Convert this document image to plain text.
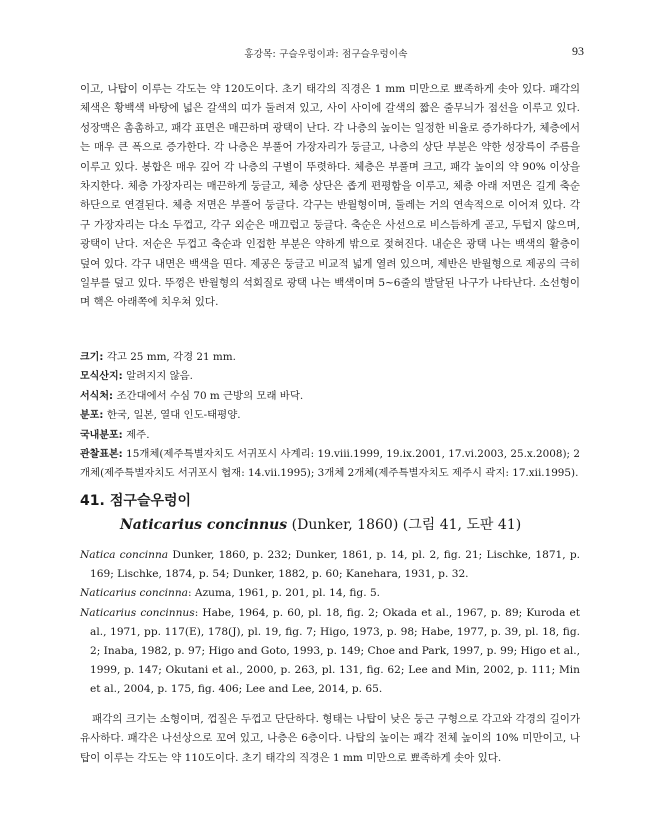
홍강목: 구슬우렁이과: 점구슬우렁이속	93

이고, 나탑이 이루는 각도는 약 120도이다. 초기 태각의 직경은 1 mm 미만으로 뾰족하게 솟아 있다. 패각의 체색은 황백색 바탕에 넓은 갈색의 띠가 둘려져 있고, 사이 사이에 갈색의 짧은 줄무늬가 점선을 이루고 있다. 성장맥은 촘촘하고, 패각 표면은 매끈하며 광택이 난다. 각 나층의 높이는 일정한 비율로 증가하다가, 체층에서는 매우 큰 폭으로 증가한다. 각 나층은 부풀어 가장자리가 둥글고, 나층의 상단 부분은 약한 성장륵이 주름을 이루고 있다. 봉합은 매우 깊어 각 나층의 구별이 뚜렷하다. 체층은 부풀며 크고, 패각 높이의 약 90% 이상을 차지한다. 체층 가장자리는 매끈하게 둥글고, 체층 상단은 좁게 편평함을 이루고, 체층 아래 저면은 길게 축순 하단으로 연결된다. 체층 저면은 부풀어 둥글다. 각구는 반월형이며, 둘레는 거의 연속적으로 이어져 있다. 각구 가장자리는 다소 두껍고, 각구 외순은 매끄럽고 둥글다. 축순은 사선으로 비스듬하게 곧고, 두텁지 않으며, 광택이 난다. 저순은 두껍고 축순과 인접한 부분은 약하게 밖으로 젖혀진다. 내순은 광택 나는 백색의 활층이 덮여 있다. 각구 내면은 백색을 띤다. 제공은 둥글고 비교적 넓게 열려 있으며, 제반은 반월형으로 제공의 극히 일부를 덮고 있다. 뚜껑은 반월형의 석회질로 광택 나는 백색이며 5~6줄의 발달된 나구가 나타난다. 소선형이며 핵은 아래쪽에 치우쳐 있다.

크기: 각고 25 mm, 각경 21 mm.

모식산지: 알려지지 않음.

서식처: 조간대에서 수심 70 m 근방의 모래 바닥.

분포: 한국, 일본, 열대 인도-태평양.

국내분포: 제주.

관찰표본: 15개체(제주특별자치도 서귀포시 사계리: 19.viii.1999, 19.ix.2001, 17.vi.2003, 25.x.2008); 2개체(제주특별자치도 서귀포시 협재: 14.vii.1995); 3개체 2개체(제주특별자치도 제주시 곽지: 17.xii.1995).

41. 점구슬우렁이
Naticarius concinnus (Dunker, 1860) (그림 41, 도판 41)

Natica concinna Dunker, 1860, p. 232; Dunker, 1861, p. 14, pl. 2, fig. 21; Lischke, 1871, p. 169; Lischke, 1874, p. 54; Dunker, 1882, p. 60; Kanehara, 1931, p. 32.

Naticarius concinna: Azuma, 1961, p. 201, pl. 14, fig. 5.

Naticarius concinnus: Habe, 1964, p. 60, pl. 18, fig. 2; Okada et al., 1967, p. 89; Kuroda et al., 1971, pp. 117(E), 178(J), pl. 19, fig. 7; Higo, 1973, p. 98; Habe, 1977, p. 39, pl. 18, fig. 2; Inaba, 1982, p. 97; Higo and Goto, 1993, p. 149; Choe and Park, 1997, p. 99; Higo et al., 1999, p. 147; Okutani et al., 2000, p. 263, pl. 131, fig. 62; Lee and Min, 2002, p. 111; Min et al., 2004, p. 175, fig. 406; Lee and Lee, 2014, p. 65.

패각의 크기는 소형이며, 껍질은 두껍고 단단하다. 형태는 나탑이 낮은 둥근 구형으로 각고와 각경의 길이가 유사하다. 패각은 나선상으로 꼬여 있고, 나층은 6층이다. 나탑의 높이는 패각 전체 높이의 10% 미만이고, 나탑이 이루는 각도는 약 110도이다. 초기 태각의 직경은 1 mm 미만으로 뾰족하게 솟아 있다.
